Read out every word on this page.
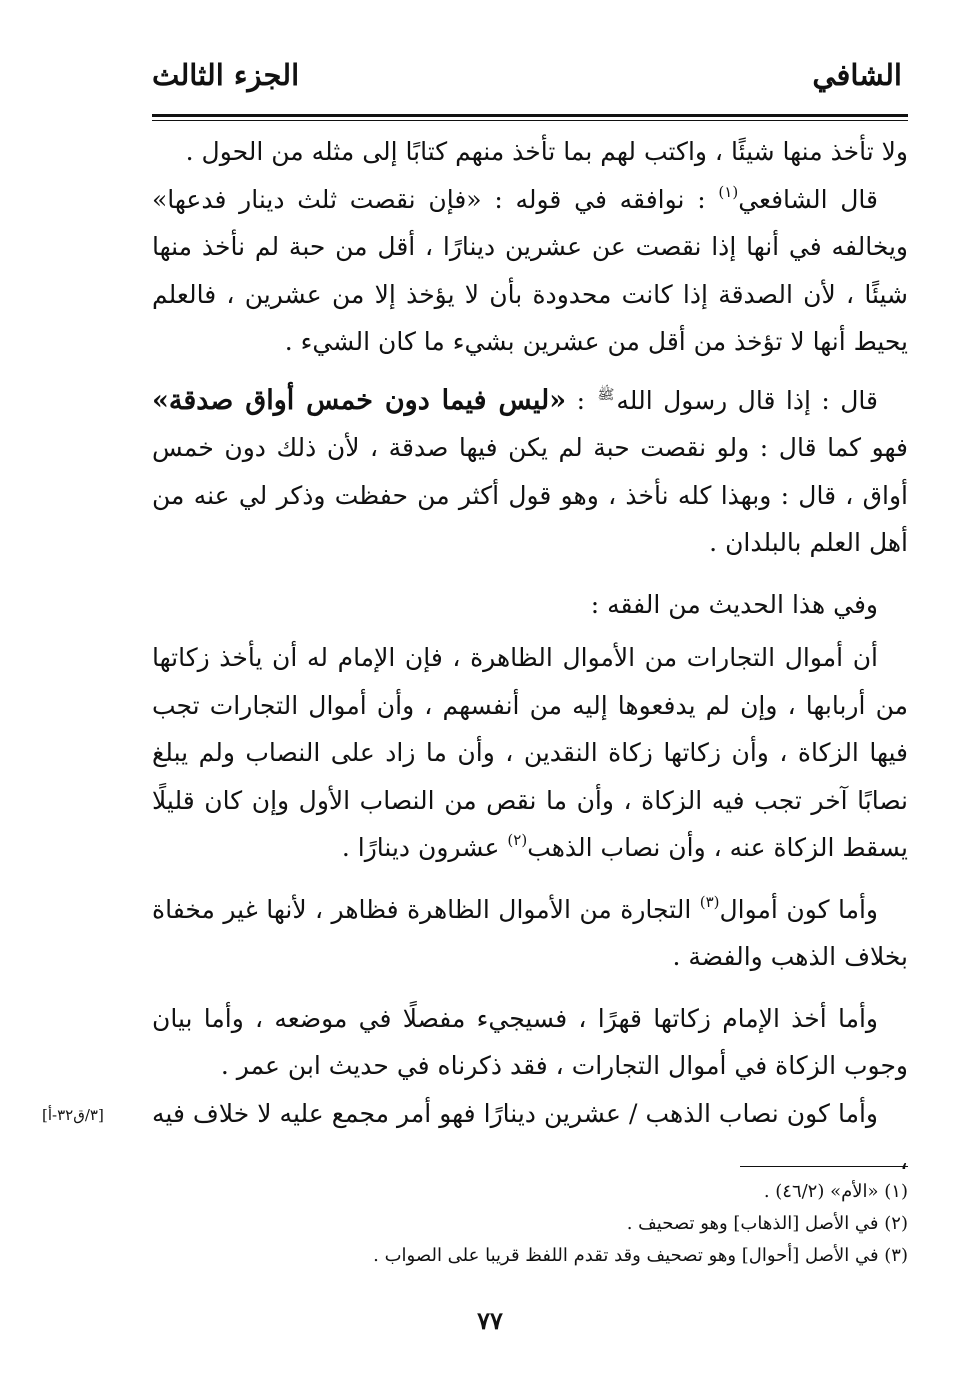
الشافي
الجزء الثالث

ولا تأخذ منها شيئًا ، واكتب لهم بما تأخذ منهم كتابًا إلى مثله من الحول .

قال الشافعي$^{(١)}$ : نوافقه في قوله : «فإن نقصت ثلث دينار فدعها» ويخالفه في أنها إذا نقصت عن عشرين دينارًا ، أقل من حبة لم نأخذ منها شيئًا ، لأن الصدقة إذا كانت محدودة بأن لا يؤخذ إلا من عشرين ، فالعلم يحيط أنها لا تؤخذ من أقل من عشرين بشيء ما كان الشيء .

قال : إذا قال رسول الله$^ﷺ$ : «ليس فيما دون خمس أواق صدقة» فهو كما قال : ولو نقصت حبة لم يكن فيها صدقة ، لأن ذلك دون خمس أواق ، قال : وبهذا كله نأخذ ، وهو قول أكثر من حفظت وذكر لي عنه من أهل العلم بالبلدان .

وفي هذا الحديث من الفقه :

أن أموال التجارات من الأموال الظاهرة ، فإن الإمام له أن يأخذ زكاتها من أربابها ، وإن لم يدفعوها إليه من أنفسهم ، وأن أموال التجارات تجب فيها الزكاة ، وأن زكاتها زكاة النقدين ، وأن ما زاد على النصاب ولم يبلغ نصابًا آخر تجب فيه الزكاة ، وأن ما نقص من النصاب الأول وإن كان قليلًا يسقط الزكاة عنه ، وأن نصاب الذهب$^{(٢)}$ عشرون دينارًا .

وأما كون أموال$^{(٣)}$ التجارة من الأموال الظاهرة فظاهر ، لأنها غير مخفاة بخلاف الذهب والفضة .

وأما أخذ الإمام زكاتها قهرًا ، فسيجيء مفصلًا في موضعه ، وأما بيان وجوب الزكاة في أموال التجارات ، فقد ذكرناه في حديث ابن عمر .

وأما كون نصاب الذهب / عشرين دينارًا فهو أمر مجمع عليه لا خلاف فيه ،
[٣/ق٣٢-أ]

(١) «الأم» (٤٦/٢) .

(٢) في الأصل [الذهاب] وهو تصحيف .

(٣) في الأصل [أحوال] وهو تصحيف وقد تقدم اللفظ قريبا على الصواب .

٧٧
